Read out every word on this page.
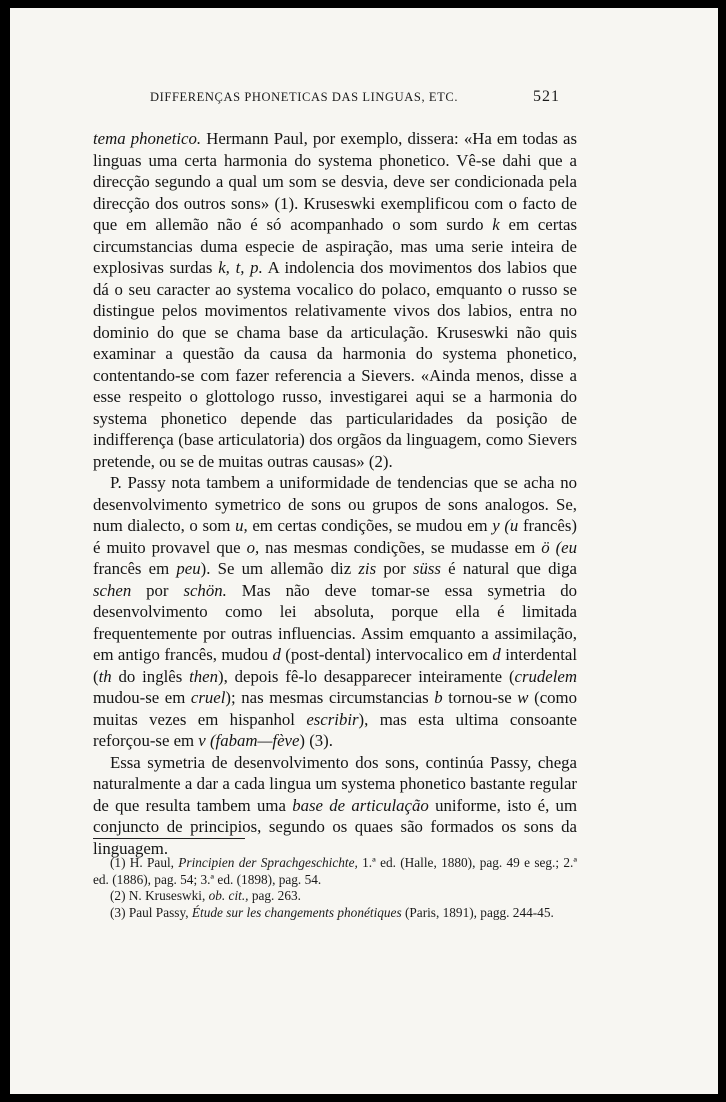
DIFFERENÇAS PHONETICAS DAS LINGUAS, ETC.	521

tema phonetico. Hermann Paul, por exemplo, dissera: «Ha em todas as linguas uma certa harmonia do systema phonetico. Vê-se dahi que a direcção segundo a qual um som se desvia, deve ser condicionada pela direcção dos outros sons» (1). Kruseswki exemplificou com o facto de que em allemão não é só acompanhado o som surdo k em certas circumstancias duma especie de aspiração, mas uma serie inteira de explosivas surdas k, t, p. A indolencia dos movimentos dos labios que dá o seu caracter ao systema vocalico do polaco, emquanto o russo se distingue pelos movimentos relativamente vivos dos labios, entra no dominio do que se chama base da articulação. Kruseswki não quis examinar a questão da causa da harmonia do systema phonetico, contentando-se com fazer referencia a Sievers. «Ainda menos, disse a esse respeito o glottologo russo, investigarei aqui se a harmonia do systema phonetico depende das particularidades da posição de indifferença (base articulatoria) dos orgãos da linguagem, como Sievers pretende, ou se de muitas outras causas» (2).

P. Passy nota tambem a uniformidade de tendencias que se acha no desenvolvimento symetrico de sons ou grupos de sons analogos. Se, num dialecto, o som u, em certas condições, se mudou em y (u francês) é muito provavel que o, nas mesmas condições, se mudasse em ö (eu francês em peu). Se um allemão diz zis por süss é natural que diga schen por schön. Mas não deve tomar-se essa symetria do desenvolvimento como lei absoluta, porque ella é limitada frequentemente por outras influencias. Assim emquanto a assimilação, em antigo francês, mudou d (post-dental) intervocalico em d interdental (th do inglês then), depois fê-lo desapparecer inteiramente (crudelem mudou-se em cruel); nas mesmas circumstancias b tornou-se w (como muitas vezes em hispanhol escribir), mas esta ultima consoante reforçou-se em v (fabam—fève) (3).

Essa symetria de desenvolvimento dos sons, continúa Passy, chega naturalmente a dar a cada lingua um systema phonetico bastante regular de que resulta tambem uma base de articulação uniforme, isto é, um conjuncto de principios, segundo os quaes são formados os sons da linguagem.

(1) H. Paul, Principien der Sprachgeschichte, 1.ª ed. (Halle, 1880), pag. 49 e seg.; 2.ª ed. (1886), pag. 54; 3.ª ed. (1898), pag. 54.

(2) N. Kruseswki, ob. cit., pag. 263.

(3) Paul Passy, Étude sur les changements phonétiques (Paris, 1891), pagg. 244-45.
